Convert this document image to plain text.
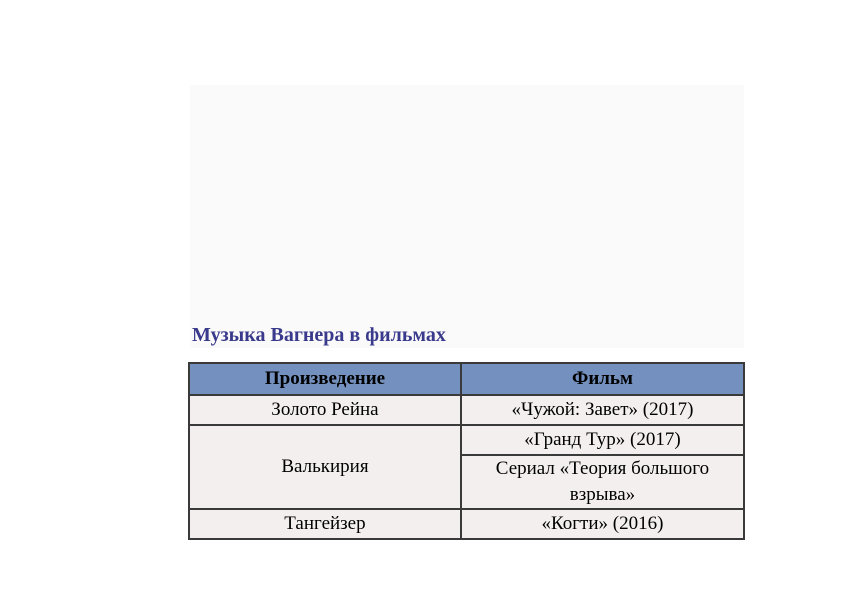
Музыка Вагнера в фильмах
Произведение	Фильм
Золото Рейна	«Чужой: Завет» (2017)
Валькирия	«Гранд Тур» (2017)
	Сериал «Теория большого взрыва»
Тангейзер	«Когти» (2016)
